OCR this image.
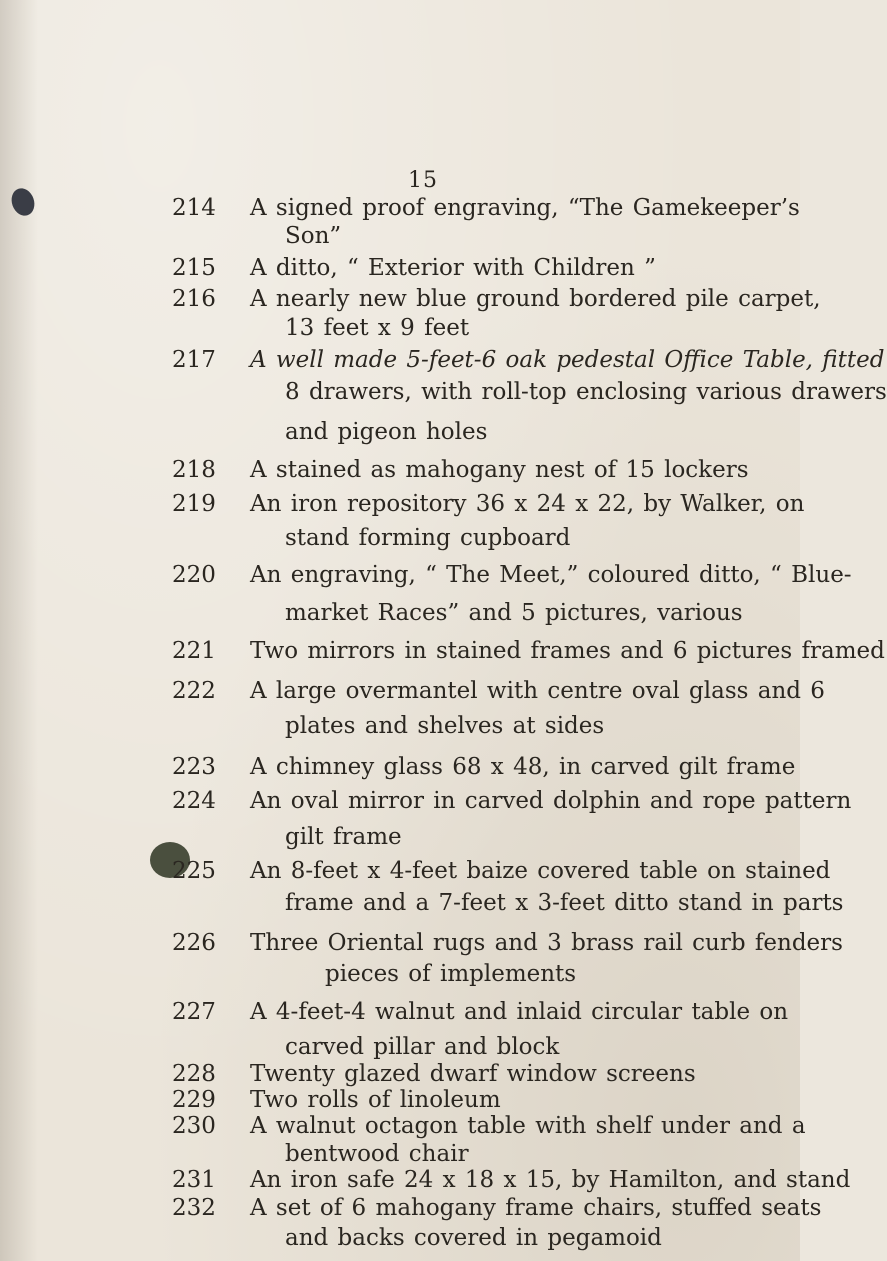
15
214	A signed proof engraving, “The Gamekeeper’s
Son”
215	A ditto, “ Exterior with Children ”
216	A nearly new blue ground bordered pile carpet,
13 feet x 9 feet
217	A well made 5-feet-6 oak pedestal Office Table, fitted
8 drawers, with roll-top enclosing various drawers
and pigeon holes
218	A stained as mahogany nest of 15 lockers
219	An iron repository 36 x 24 x 22, by Walker, on
stand forming cupboard
220	An engraving, “ The Meet,” coloured ditto, “ Blue-
market Races” and 5 pictures, various
221	Two mirrors in stained frames and 6 pictures framed
222	A large overmantel with centre oval glass and 6
plates and shelves at sides
223	A chimney glass 68 x 48, in carved gilt frame
224	An oval mirror in carved dolphin and rope pattern
gilt frame
225	An 8-feet x 4-feet baize covered table on stained
frame and a 7-feet x 3-feet ditto stand in parts
226	Three Oriental rugs and 3 brass rail curb fenders
pieces of implements
227	A 4-feet-4 walnut and inlaid circular table on
carved pillar and block
228	Twenty glazed dwarf window screens
229	Two rolls of linoleum
230	A walnut octagon table with shelf under and a
bentwood chair
231	An iron safe 24 x 18 x 15, by Hamilton, and stand
232	A set of 6 mahogany frame chairs, stuffed seats
and backs covered in pegamoid
